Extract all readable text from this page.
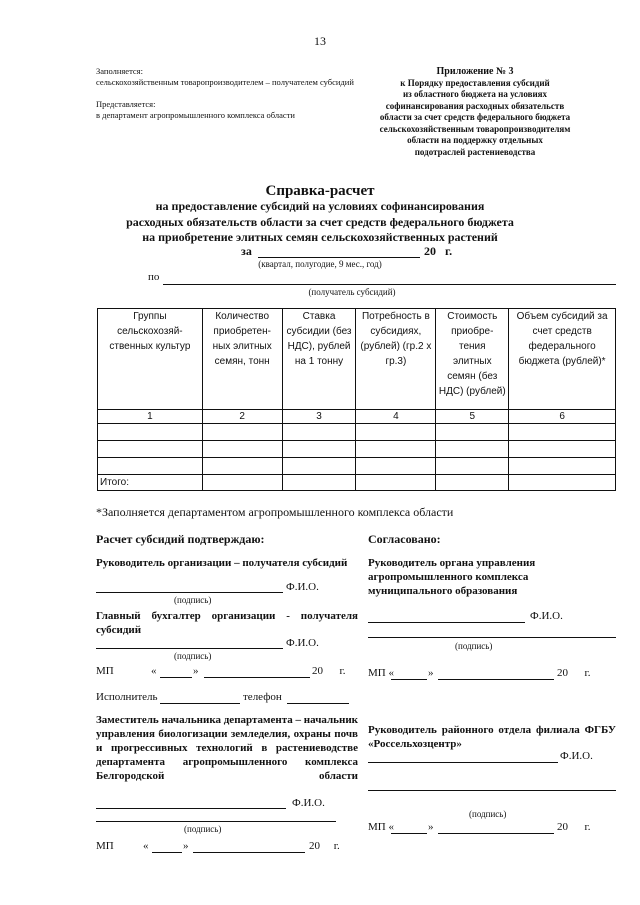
13
Заполняется:
сельскохозяйственным товаропроизводителем – получателем субсидий
Представляется:
в департамент агропромышленного комплекса области
Приложение № 3
к Порядку предоставления субсидий
из областного бюджета на условиях
софинансирования расходных обязательств
области за счет средств федерального бюджета
сельскохозяйственным товаропроизводителям
области на поддержку отдельных
подотраслей растениеводства
Справка-расчет
на предоставление субсидий на условиях софинансирования
расходных обязательств области за счет средств федерального бюджета
на приобретение элитных семян сельскохозяйственных растений
за	20   г.
(квартал, полугодие, 9 мес., год)
по
(получатель субсидий)
Группы сельскохозяй-ственных культур	Количество приобретен-ных элитных семян, тонн	Ставка субсидии (без НДС), рублей на 1 тонну	Потребность в субсидиях, (рублей) (гр.2 х гр.3)	Стоимость приобре-тения элитных семян (без НДС) (рублей)	Объем субсидий за счет средств федерального бюджета (рублей)*
1	2	3	4	5	6

Итого:					
*Заполняется департаментом агропромышленного комплекса области
Расчет субсидий подтверждаю:	Согласовано:
Руководитель организации – получателя субсидий
Ф.И.О.
(подпись)
Главный бухгалтер организации - получателя субсидий
Ф.И.О.
(подпись)
МП	«	»	20      г.
Исполнитель	телефон
Заместитель начальника департамента – начальник управления биологизации земледелия, охраны почв и прогрессивных технологий в растениеводстве департамента агропромышленного комплекса Белгородской области
Ф.И.О.
(подпись)
МП	«	»	20     г.
Руководитель органа управления агропромышленного комплекса муниципального образования
Ф.И.О.
(подпись)
МП «	»	20      г.
Руководитель районного отдела филиала ФГБУ «Россельхозцентр»
Ф.И.О.
(подпись)
МП «	»	20      г.
